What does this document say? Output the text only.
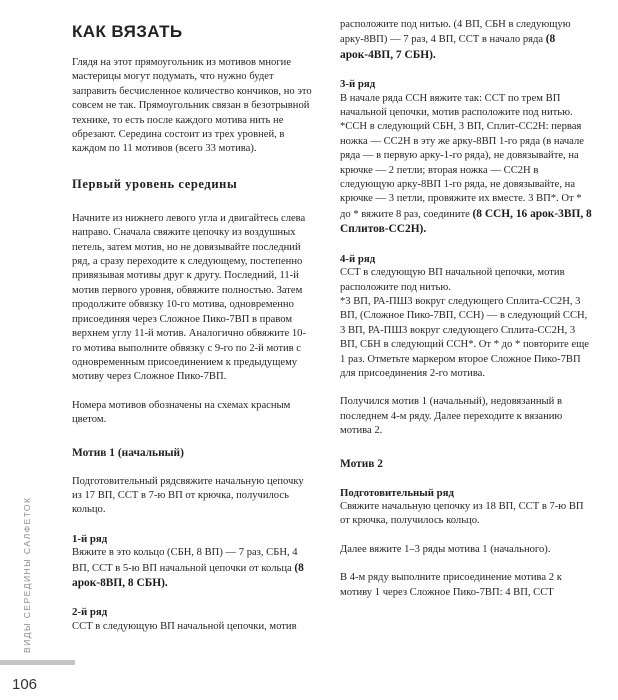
КАК ВЯЗАТЬ

Глядя на этот прямоугольник из мотивов многие мастерицы могут подумать, что нужно будет запрaвить бесчисленное количество кончиков, но это совсем не так. Прямоугольник связан в безотрывной технике, то есть после каждого мотива нить не обрезают. Середина состоит из трех уровней, в каждом по 11 мотивов (всего 33 мотива).

Первый уровень середины

Начните из нижнего левого угла и двигайтесь слева направо. Сначала свяжите цепочку из воздушных петель, затем мотив, но не довязывайте последний ряд, а сразу переходите к следующему, постепенно привязывая мотивы друг к другу. Последний, 11-й мотив первого уровня, обвяжите полностью. Затем продолжите обвязку 10-го мотива, одновременно присоединяя через Сложное Пико-7ВП в правом верхнем углу 11-й мотив. Аналогично обвяжите 10-го мотива выполните обвязку с 9-го по 2-й мотив с одновременным присоединением к предыдущему мотиву через Сложное Пико-7ВП.

Номера мотивов обозначены на схемах красным цветом.

Мотив 1 (начальный)

Подготовительный рядсвяжите начальную цепочку из 17 ВП, ССТ в 7-ю ВП от крючка, получилось кольцо.

1-й ряд

Вяжите в это кольцо (СБН, 8 ВП) — 7 раз, СБН, 4 ВП, ССТ в 5-ю ВП начальной цепочки от кольца (8 арок-8ВП, 8 СБН).

2-й ряд

ССТ в следующую ВП начальной цепочки, мотив

расположите под нитью. (4 ВП, СБН в следующую арку-8ВП) — 7 раз, 4 ВП, ССТ в начало ряда (8 арок-4ВП, 7 СБН).

3-й ряд

В начале ряда ССН вяжите так: ССТ по трем ВП начальной цепочки, мотив расположите под нитью.

*ССН в следующий СБН, 3 ВП, Сплит-СС2Н: первая ножка — СС2Н в эту же арку-8ВП 1-го ряда (в начале ряда — в первую арку-1-го ряда), не довязывайте, на крючке — 2 петли; вторая ножка — СС2Н в следующую арку-8ВП 1-го ряда, не довязывайте, на крючке — 3 петли, провяжите их вместе. 3 ВП*. От * до * вяжите 8 раз, соедините (8 ССН, 16 арок-3ВП, 8 Сплитов-СС2Н).

4-й ряд

ССТ в следующую ВП начальной цепочки, мотив расположите под нитью.

*3 ВП, РА-ПШ3 вокруг следующего Сплита-СС2Н, 3 ВП, (Сложное Пико-7ВП, ССН) — в следующий ССН, 3 ВП, РА-ПШ3 вокруг следующего Сплита-СС2Н, 3 ВП, СБН в следующий ССН*. От * до * повторите еще 1 раз. Отметьте маркером второе Сложное Пико-7ВП для присоединения 2-го мотива.

Получился мотив 1 (начальный), недовязанный в последнем 4-м ряду. Далее переходите к вязанию мотива 2.

Мотив 2
Подготовительный ряд

Свяжите начальную цепочку из 18 ВП, ССТ в 7-ю ВП от крючка, получилось кольцо.

Далее вяжите 1–3 ряды мотива 1 (начального).

В 4-м ряду выполните присоединение мотива 2 к мотиву 1 через Сложное Пико-7ВП: 4 ВП, ССТ

ВИДЫ СЕРЕДИНЫ САЛФЕТОК
106
